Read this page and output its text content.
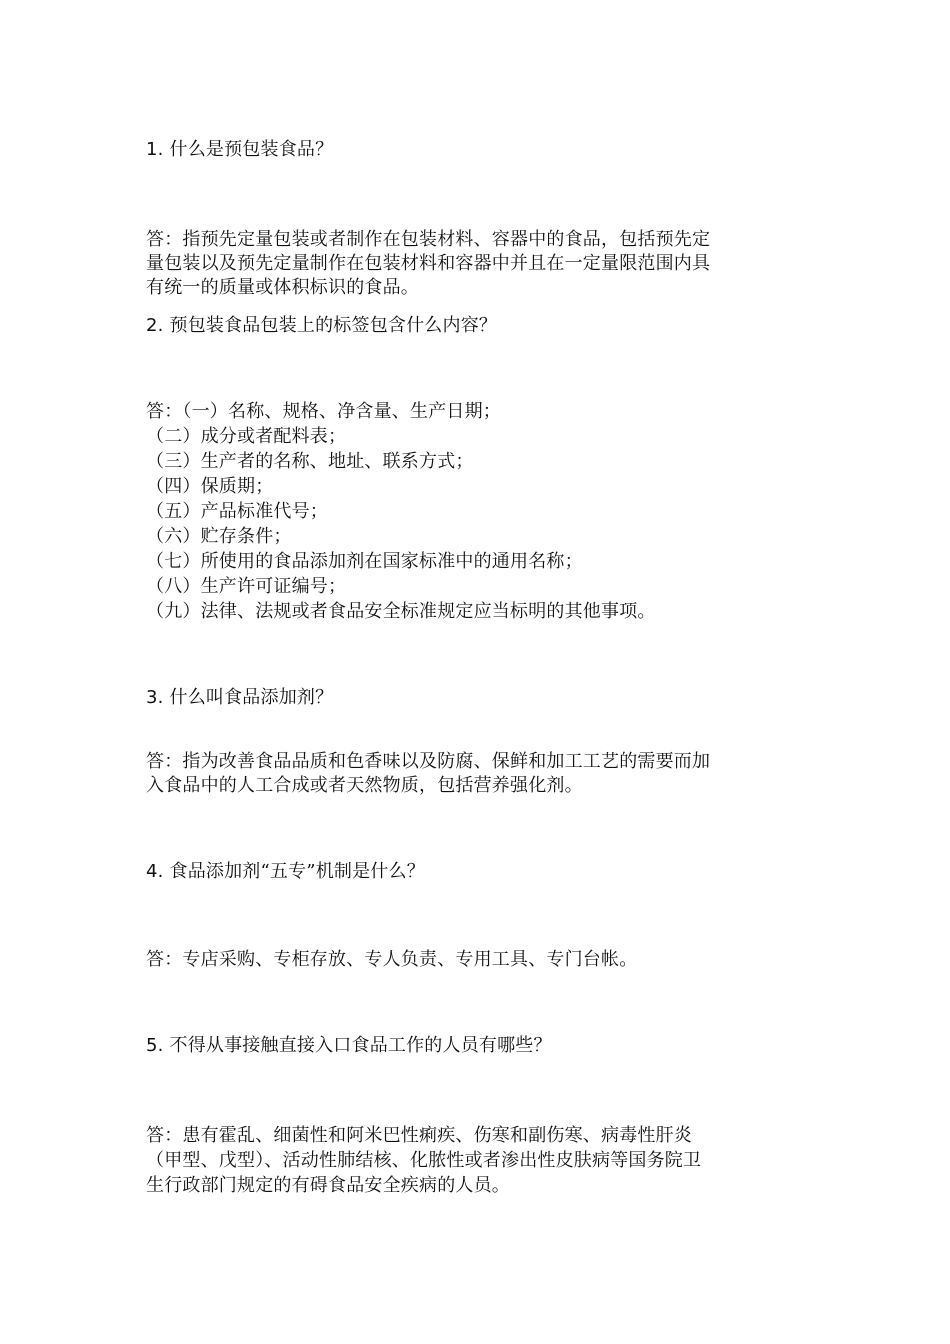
1. 什么是预包装食品？
答：指预先定量包装或者制作在包装材料、容器中的食品，包括预先定
量包装以及预先定量制作在包装材料和容器中并且在一定量限范围内具
有统一的质量或体积标识的食品。
2. 预包装食品包装上的标签包含什么内容？
答：（一）名称、规格、净含量、生产日期；
（二）成分或者配料表；
（三）生产者的名称、地址、联系方式；
（四）保质期；
（五）产品标准代号；
（六）贮存条件；
（七）所使用的食品添加剂在国家标准中的通用名称；
（八）生产许可证编号；
（九）法律、法规或者食品安全标准规定应当标明的其他事项。
3. 什么叫食品添加剂？
答：指为改善食品品质和色香味以及防腐、保鲜和加工工艺的需要而加
入食品中的人工合成或者天然物质，包括营养强化剂。
4. 食品添加剂“五专”机制是什么？
答：专店采购、专柜存放、专人负责、专用工具、专门台帐。
5. 不得从事接触直接入口食品工作的人员有哪些？
答：患有霍乱、细菌性和阿米巴性痢疾、伤寒和副伤寒、病毒性肝炎
（甲型、戊型）、活动性肺结核、化脓性或者渗出性皮肤病等国务院卫
生行政部门规定的有碍食品安全疾病的人员。
